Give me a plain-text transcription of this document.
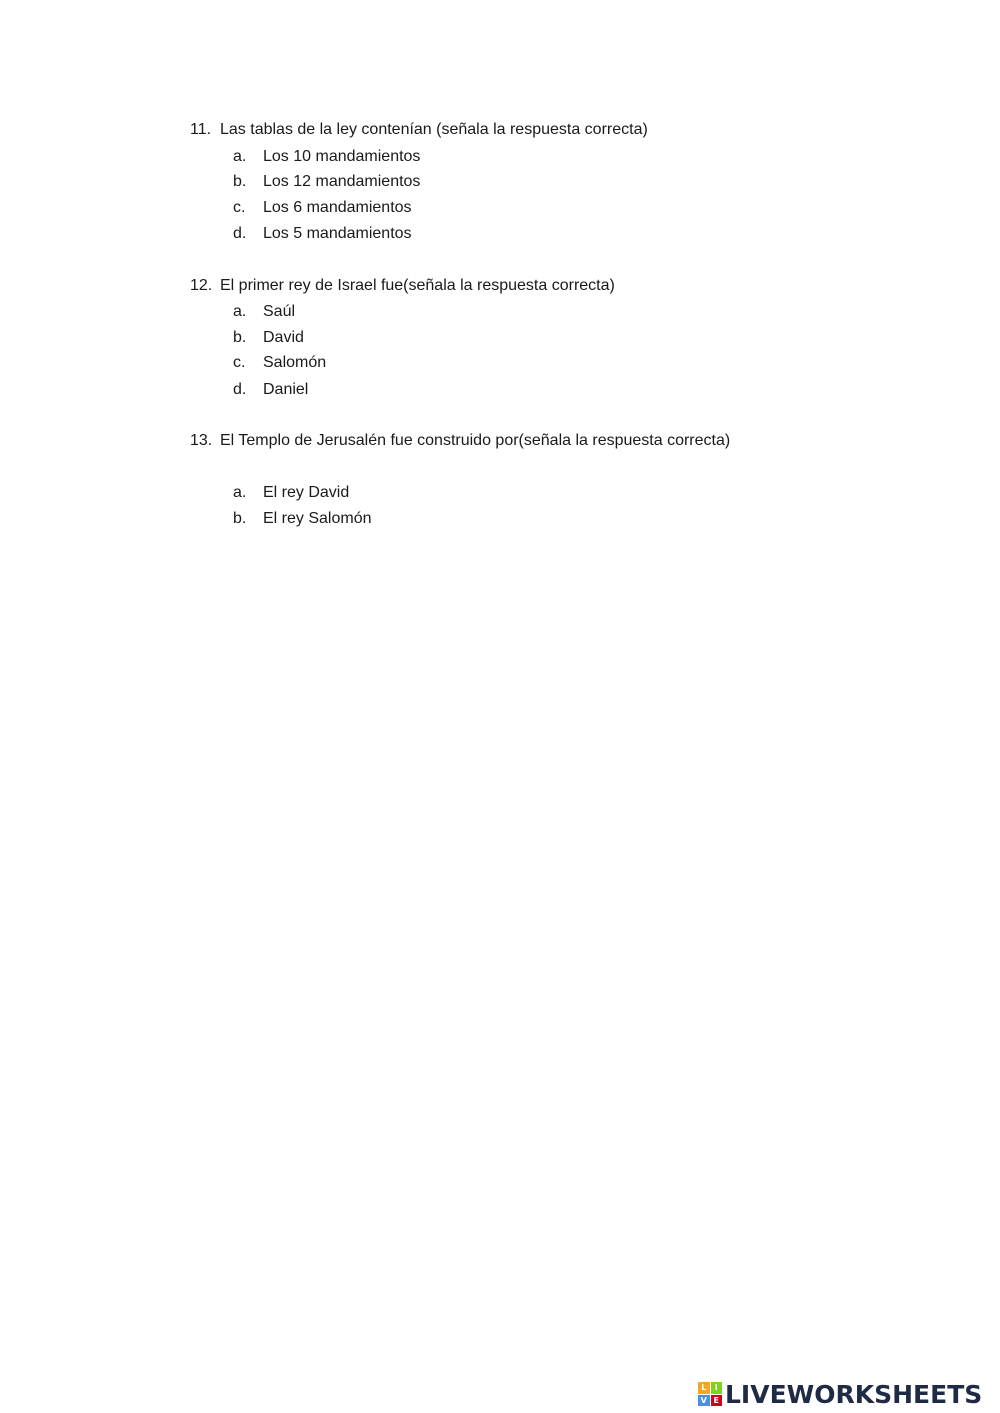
11. Las tablas de la ley contenían (señala la respuesta correcta)
a. Los 10 mandamientos
b. Los 12 mandamientos
c. Los 6 mandamientos
d. Los 5 mandamientos
12. El primer rey de Israel fue(señala la respuesta correcta)
a. Saúl
b. David
c. Salomón
d. Daniel
13. El Templo de Jerusalén fue construido por(señala la respuesta correcta)
a. El rey David
b. El rey Salomón
L	I
V E LIVEWORKSHEETS
